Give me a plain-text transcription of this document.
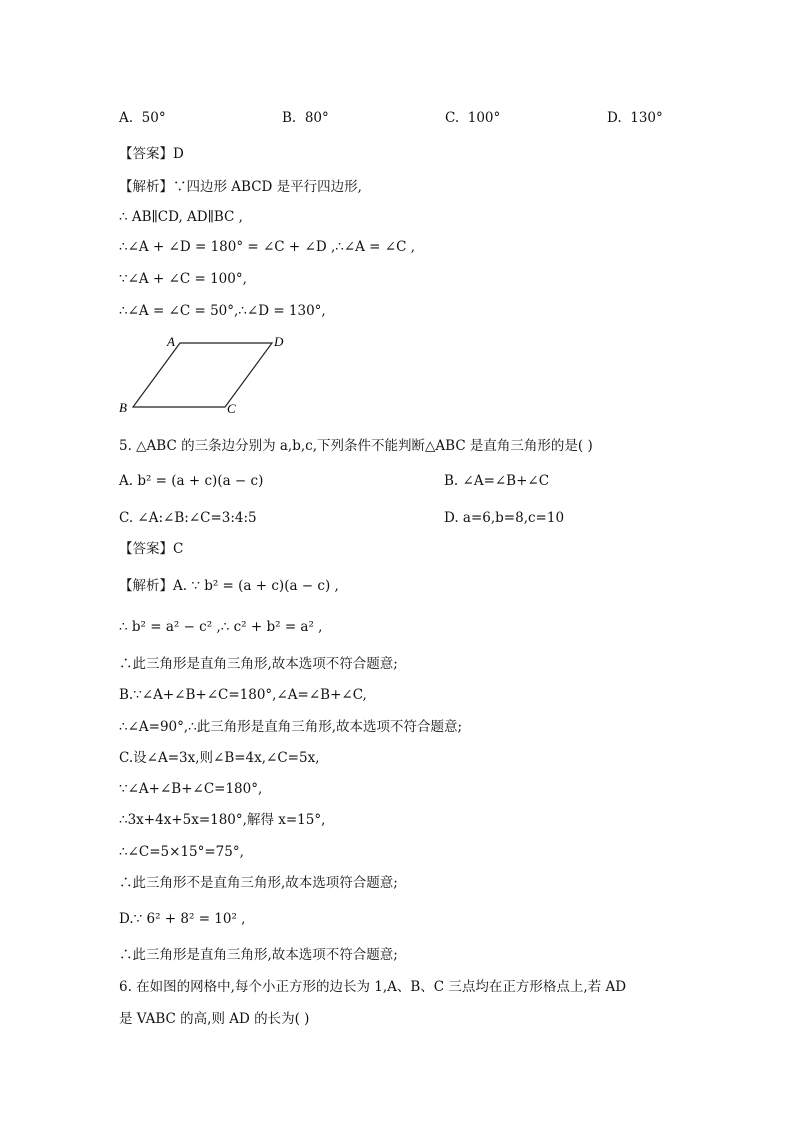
A. 50°	B. 80°	C. 100°	D. 130°
【答案】D
【解析】∵四边形 ABCD 是平行四边形,
∴ AB∥CD, AD∥BC ,
∴∠A + ∠D = 180° = ∠C + ∠D ,∴∠A = ∠C ,
∵∠A + ∠C = 100°,
∴∠A = ∠C = 50°,∴∠D = 130°,
A	D
B	C
5. △ABC 的三条边分别为 a,b,c,下列条件不能判断△ABC 是直角三角形的是( )
A. b² = (a + c)(a − c)	B. ∠A=∠B+∠C
C. ∠A:∠B:∠C=3:4:5	D. a=6,b=8,c=10
【答案】C
【解析】A. ∵ b² = (a + c)(a − c) ,
∴ b² = a² − c² ,∴ c² + b² = a² ,
∴此三角形是直角三角形,故本选项不符合题意;
B.∵∠A+∠B+∠C=180°,∠A=∠B+∠C,
∴∠A=90°,∴此三角形是直角三角形,故本选项不符合题意;
C.设∠A=3x,则∠B=4x,∠C=5x,
∵∠A+∠B+∠C=180°,
∴3x+4x+5x=180°,解得 x=15°,
∴∠C=5×15°=75°,
∴此三角形不是直角三角形,故本选项符合题意;
D.∵ 6² + 8² = 10² ,
∴此三角形是直角三角形,故本选项不符合题意;
6. 在如图的网格中,每个小正方形的边长为 1,A、B、C 三点均在正方形格点上,若 AD
是 VABC 的高,则 AD 的长为( )
